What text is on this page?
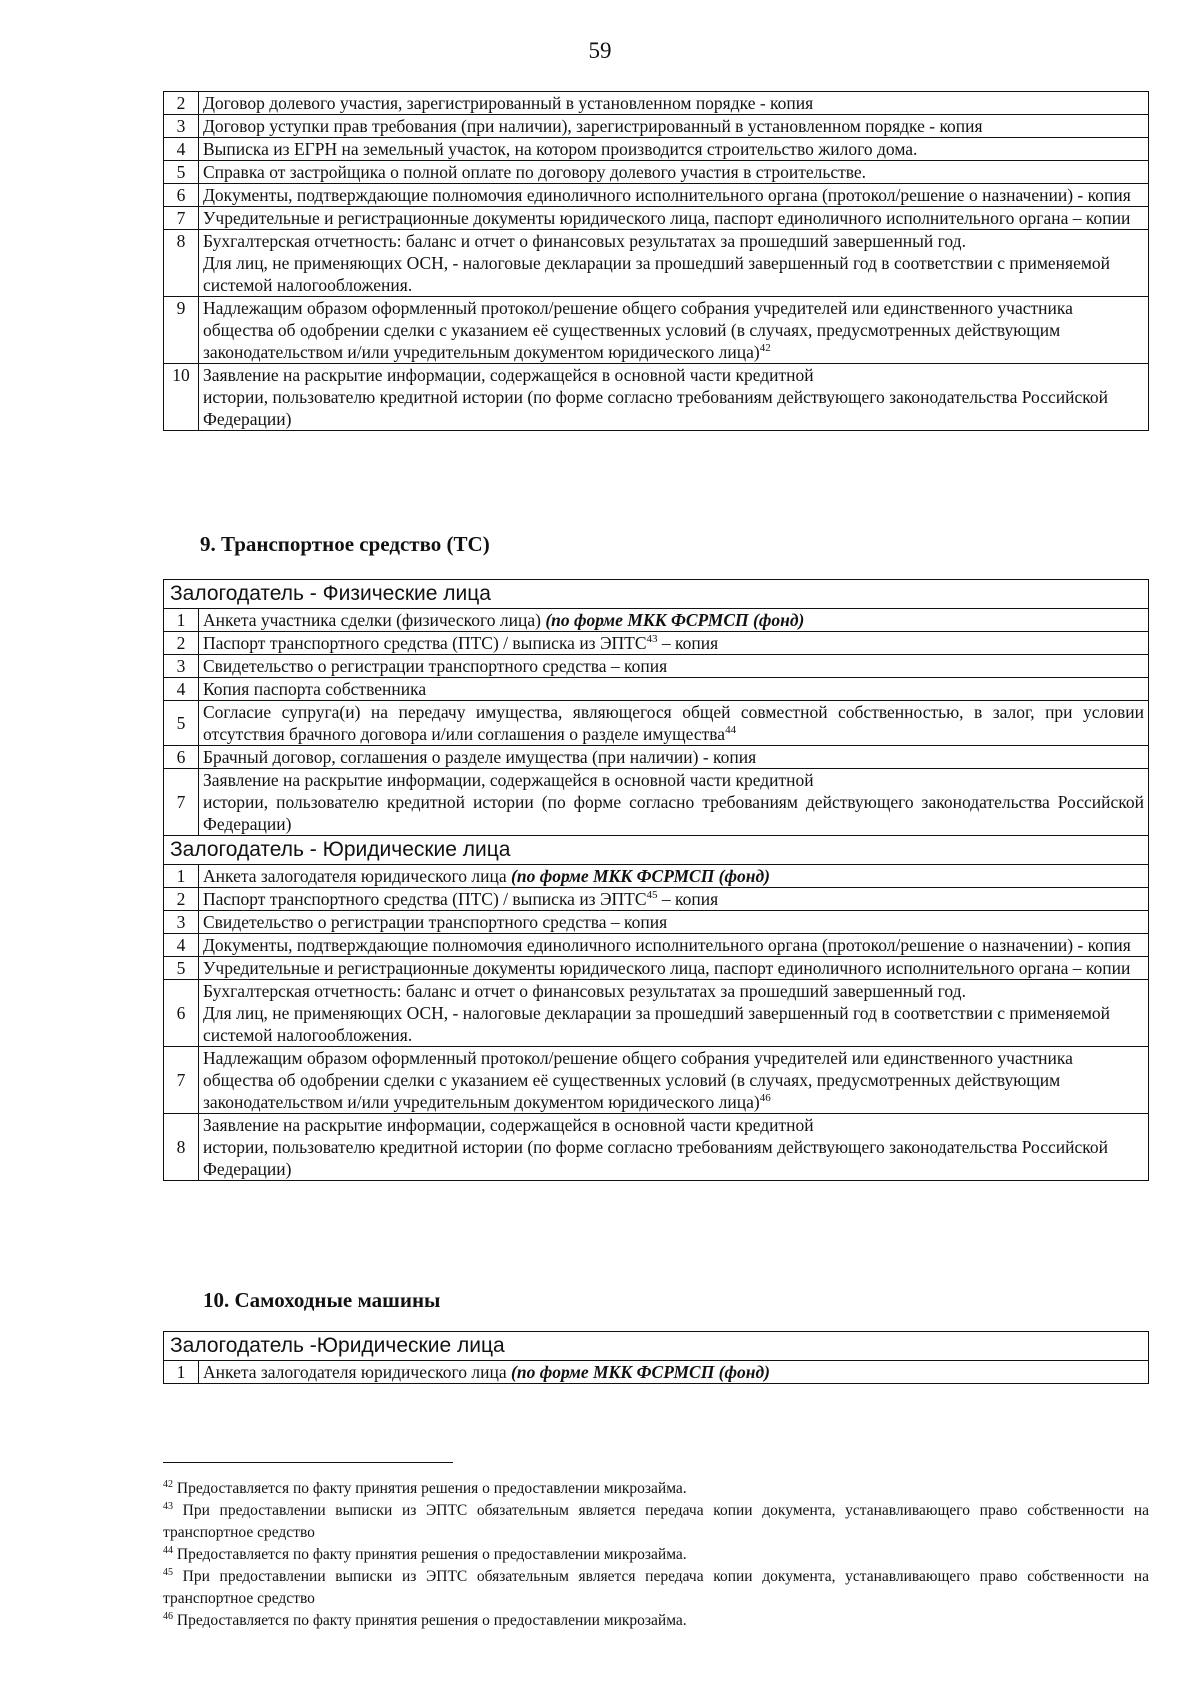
59
2	Договор долевого участия, зарегистрированный в установленном порядке - копия
3	Договор уступки прав требования (при наличии), зарегистрированный в установленном порядке - копия
4	Выписка из ЕГРН на земельный участок, на котором производится строительство жилого дома.
5	Справка от застройщика о полной оплате по договору долевого участия в строительстве.
6	Документы, подтверждающие полномочия единоличного исполнительного органа (протокол/решение о назначении) - копия
7	Учредительные и регистрационные документы юридического лица, паспорт единоличного исполнительного органа – копии
8	Бухгалтерская отчетность: баланс и отчет о финансовых результатах за прошедший завершенный год.
Для лиц, не применяющих ОСН, - налоговые декларации за прошедший завершенный год в соответствии с применяемой системой налогообложения.

9	Надлежащим образом оформленный протокол/решение общего собрания учредителей или единственного участника общества об одобрении сделки с указанием её существенных условий (в случаях, предусмотренных действующим законодательством и/или учредительным документом юридического лица)$^{42}$
10	Заявление на раскрытие информации, содержащейся в основной части кредитной
истории, пользователю кредитной истории (по форме согласно требованиям действующего законодательства Российской Федерации)
9. Транспортное средство (ТС)
Залогодатель - Физические лица	
1	Анкета участника сделки (физического лица) (по форме МКК ФСРМСП (фонд)
2	Паспорт транспортного средства (ПТС) / выписка из ЭПТС$^{43}$ – копия
3	Свидетельство о регистрации транспортного средства – копия
4	Копия паспорта собственника
5	Согласие супруга(и) на передачу имущества, являющегося общей совместной собственностью, в залог, при условии отсутствия брачного договора и/или соглашения о разделе имущества$^{44}$
6	Брачный договор, соглашения о разделе имущества (при наличии) - копия
7	Заявление на раскрытие информации, содержащейся в основной части кредитной
истории, пользователю кредитной истории (по форме согласно требованиям действующего законодательства Российской Федерации)

Залогодатель - Юридические лица	
1	Анкета залогодателя юридического лица (по форме МКК ФСРМСП (фонд)
2	Паспорт транспортного средства (ПТС) / выписка из ЭПТС$^{45}$ – копия
3	Свидетельство о регистрации транспортного средства – копия
4	Документы, подтверждающие полномочия единоличного исполнительного органа (протокол/решение о назначении) - копия
5	Учредительные и регистрационные документы юридического лица, паспорт единоличного исполнительного органа – копии
6	Бухгалтерская отчетность: баланс и отчет о финансовых результатах за прошедший завершенный год.
Для лиц, не применяющих ОСН, - налоговые декларации за прошедший завершенный год в соответствии с применяемой системой налогообложения.

7	Надлежащим образом оформленный протокол/решение общего собрания учредителей или единственного участника общества об одобрении сделки с указанием её существенных условий (в случаях, предусмотренных действующим законодательством и/или учредительным документом юридического лица)$^{46}$
8	Заявление на раскрытие информации, содержащейся в основной части кредитной
истории, пользователю кредитной истории (по форме согласно требованиям действующего законодательства Российской Федерации)
10. Самоходные машины
Залогодатель -Юридические лица
1	Анкета залогодателя юридического лица (по форме МКК ФСРМСП (фонд)

$^{42}$ Предоставляется по факту принятия решения о предоставлении микрозайма.

$^{43}$ При предоставлении выписки из ЭПТС обязательным является передача копии документа, устанавливающего право собственности на транспортное средство

$^{44}$ Предоставляется по факту принятия решения о предоставлении микрозайма.

$^{45}$ При предоставлении выписки из ЭПТС обязательным является передача копии документа, устанавливающего право собственности на транспортное средство

$^{46}$ Предоставляется по факту принятия решения о предоставлении микрозайма.
